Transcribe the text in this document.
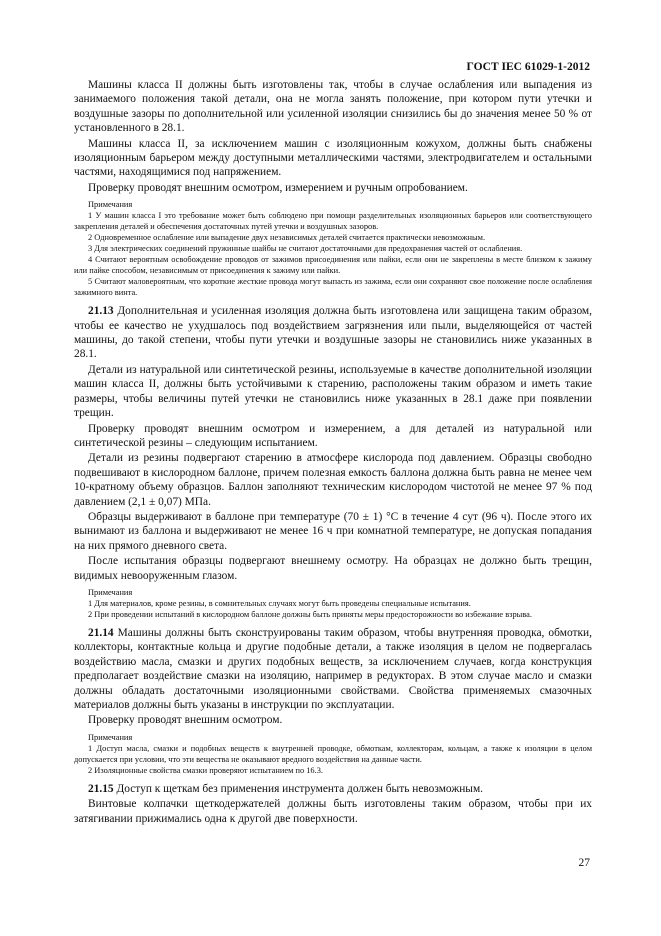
ГОСТ IEC 61029-1-2012

Машины класса II должны быть изготовлены так, чтобы в случае ослабления или выпадения из занимаемого положения такой детали, она не могла занять положение, при котором пути утечки и воздушные зазоры по дополнительной или усиленной изоляции снизились бы до значения менее 50 % от установленного в 28.1.

Машины класса II, за исключением машин с изоляционным кожухом, должны быть снабжены изоляционным барьером между доступными металлическими частями, электродвигателем и остальными частями, находящимися под напряжением.

Проверку проводят внешним осмотром, измерением и ручным опробованием.

Примечания

1 У машин класса I это требование может быть соблюдено при помощи разделительных изоляционных барьеров или соответствующего закрепления деталей и обеспечения достаточных путей утечки и воздушных зазоров.

2 Одновременное ослабление или выпадение двух независимых деталей считается практически невозможным.

3 Для электрических соединений пружинные шайбы не считают достаточными для предохранения частей от ослабления.

4 Считают вероятным освобождение проводов от зажимов присоединения или пайки, если они не закреплены в месте близком к зажиму или пайке способом, независимым от присоединения к зажиму или пайки.

5 Считают маловероятным, что короткие жесткие провода могут выпасть из зажима, если они сохраняют свое положение после ослабления зажимного винта.

21.13 Дополнительная и усиленная изоляция должна быть изготовлена или защищена таким образом, чтобы ее качество не ухудшалось под воздействием загрязнения или пыли, выделяющейся от частей машины, до такой степени, чтобы пути утечки и воздушные зазоры не становились ниже указанных в 28.1.

Детали из натуральной или синтетической резины, используемые в качестве дополнительной изоляции машин класса II, должны быть устойчивыми к старению, расположены таким образом и иметь такие размеры, чтобы величины путей утечки не становились ниже указанных в 28.1 даже при появлении трещин.

Проверку проводят внешним осмотром и измерением, а для деталей из натуральной или синтетической резины – следующим испытанием.

Детали из резины подвергают старению в атмосфере кислорода под давлением. Образцы свободно подвешивают в кислородном баллоне, причем полезная емкость баллона должна быть равна не менее чем 10-кратному объему образцов. Баллон заполняют техническим кислородом чистотой не менее 97 % под давлением (2,1 ± 0,07) МПа.

Образцы выдерживают в баллоне при температуре (70 ± 1) °С в течение 4 сут (96 ч). После этого их вынимают из баллона и выдерживают не менее 16 ч при комнатной температуре, не допуская попадания на них прямого дневного света.

После испытания образцы подвергают внешнему осмотру. На образцах не должно быть трещин, видимых невооруженным глазом.

Примечания

1 Для материалов, кроме резины, в сомнительных случаях могут быть проведены специальные испытания.

2 При проведении испытаний в кислородном баллоне должны быть приняты меры предосторожности во избежание взрыва.

21.14 Машины должны быть сконструированы таким образом, чтобы внутренняя проводка, обмотки, коллекторы, контактные кольца и другие подобные детали, а также изоляция в целом не подвергалась воздействию масла, смазки и других подобных веществ, за исключением случаев, когда конструкция предполагает воздействие смазки на изоляцию, например в редукторах. В этом случае масло и смазки должны обладать достаточными изоляционными свойствами. Свойства применяемых смазочных материалов должны быть указаны в инструкции по эксплуатации.

Проверку проводят внешним осмотром.

Примечания

1 Доступ масла, смазки и подобных веществ к внутренней проводке, обмоткам, коллекторам, кольцам, а также к изоляции в целом допускается при условии, что эти вещества не оказывают вредного воздействия на данные части.

2 Изоляционные свойства смазки проверяют испытанием по 16.3.

21.15 Доступ к щеткам без применения инструмента должен быть невозможным.

Винтовые колпачки щеткодержателей должны быть изготовлены таким образом, чтобы при их затягивании прижимались одна к другой две поверхности.

27
